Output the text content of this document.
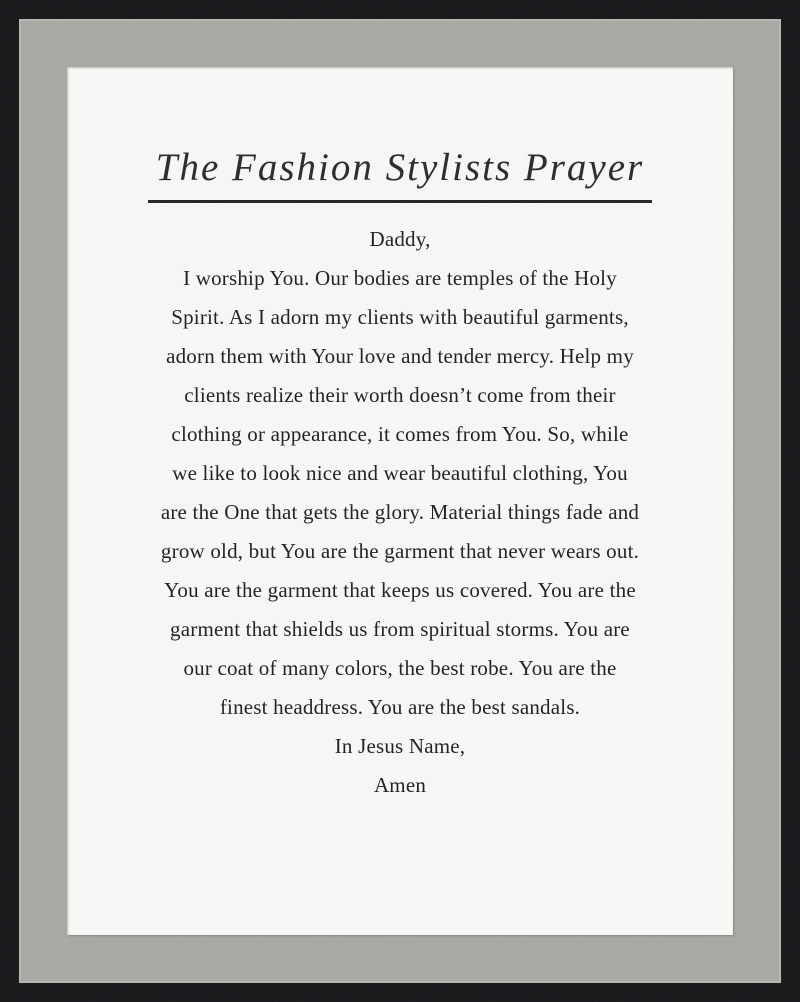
The Fashion Stylists Prayer
Daddy,
I worship You. Our bodies are temples of the Holy
Spirit. As I adorn my clients with beautiful garments,
adorn them with Your love and tender mercy. Help my
clients realize their worth doesn’t come from their
clothing or appearance, it comes from You. So, while
we like to look nice and wear beautiful clothing, You
are the One that gets the glory. Material things fade and
grow old, but You are the garment that never wears out.
You are the garment that keeps us covered. You are the
garment that shields us from spiritual storms. You are
our coat of many colors, the best robe. You are the
finest headdress. You are the best sandals.
In Jesus Name,
Amen
